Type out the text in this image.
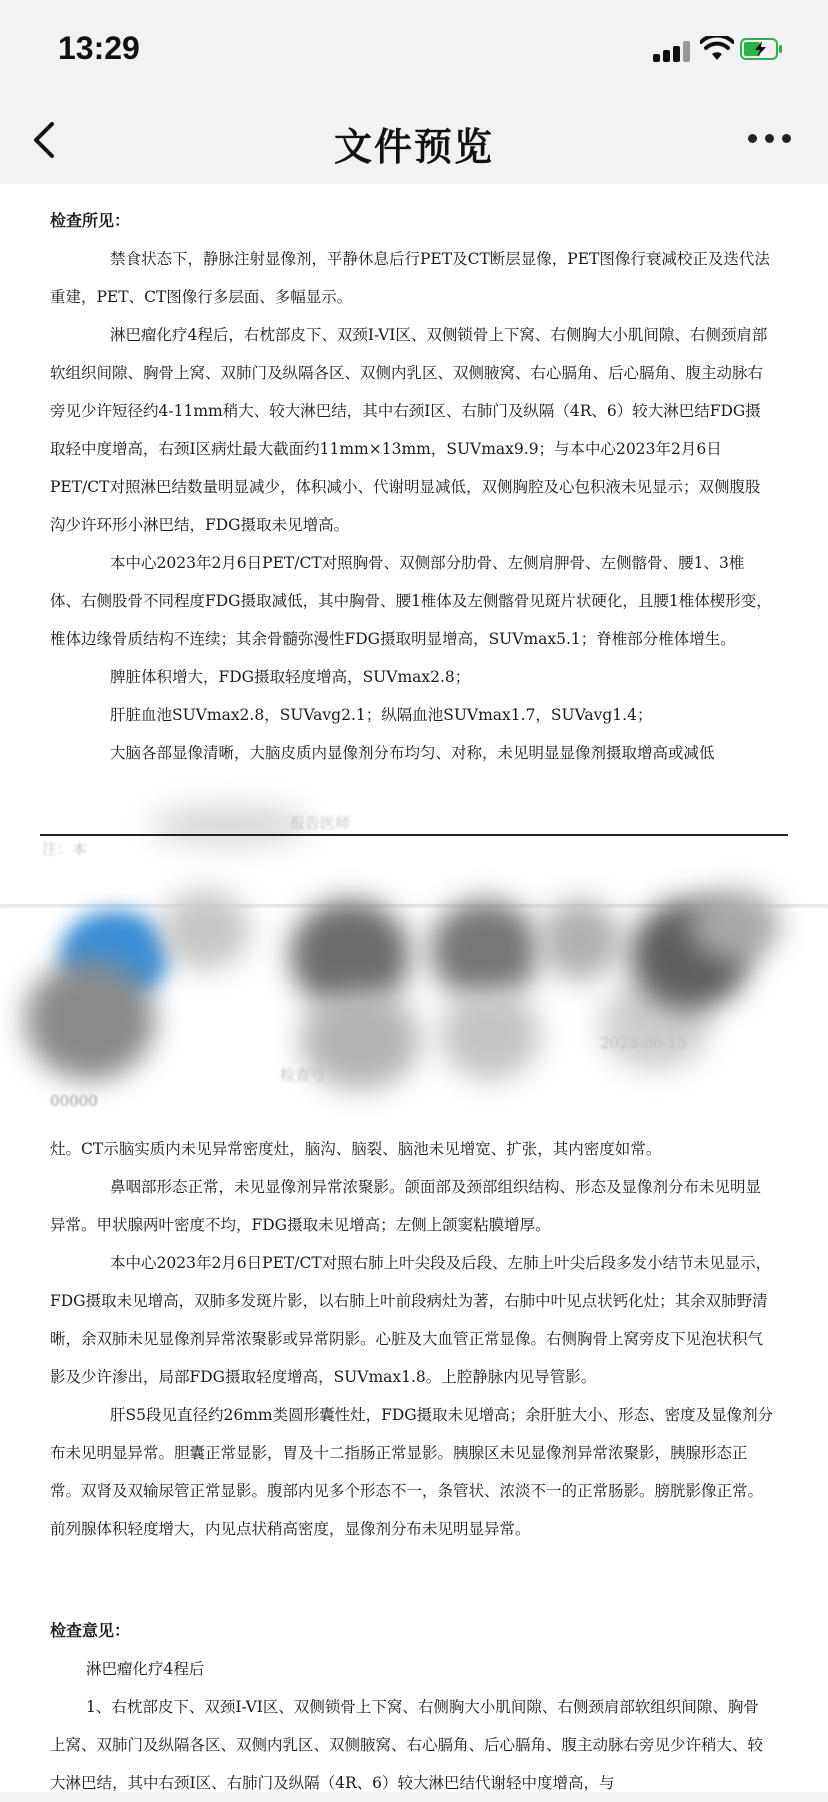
13:29
文件预览

检查所见：

禁食状态下，静脉注射显像剂，平静休息后行PET及CT断层显像，PET图像行衰减校正及迭代法重建，PET、CT图像行多层面、多幅显示。

淋巴瘤化疗4程后，右枕部皮下、双颈I-VI区、双侧锁骨上下窝、右侧胸大小肌间隙、右侧颈肩部软组织间隙、胸骨上窝、双肺门及纵隔各区、双侧内乳区、双侧腋窝、右心膈角、后心膈角、腹主动脉右旁见少许短径约4-11mm稍大、较大淋巴结，其中右颈I区、右肺门及纵隔（4R、6）较大淋巴结FDG摄取轻中度增高，右颈I区病灶最大截面约11mm×13mm，SUVmax9.9；与本中心2023年2月6日PET/CT对照淋巴结数量明显减少，体积减小、代谢明显减低，双侧胸腔及心包积液未见显示；双侧腹股沟少许环形小淋巴结，FDG摄取未见增高。

本中心2023年2月6日PET/CT对照胸骨、双侧部分肋骨、左侧肩胛骨、左侧髂骨、腰1、3椎体、右侧股骨不同程度FDG摄取减低，其中胸骨、腰1椎体及左侧髂骨见斑片状硬化，且腰1椎体楔形变，椎体边缘骨质结构不连续；其余骨髓弥漫性FDG摄取明显增高，SUVmax5.1；脊椎部分椎体增生。

脾脏体积增大，FDG摄取轻度增高，SUVmax2.8；

肝脏血池SUVmax2.8，SUVavg2.1；纵隔血池SUVmax1.7，SUVavg1.4；

大脑各部显像清晰，大脑皮质内显像剂分布均匀、对称，未见明显显像剂摄取增高或减低

报告医师
注：本
2023-06-15
检查号
00000

灶。CT示脑实质内未见异常密度灶，脑沟、脑裂、脑池未见增宽、扩张，其内密度如常。

鼻咽部形态正常，未见显像剂异常浓聚影。颌面部及颈部组织结构、形态及显像剂分布未见明显异常。甲状腺两叶密度不均，FDG摄取未见增高；左侧上颌窦粘膜增厚。

本中心2023年2月6日PET/CT对照右肺上叶尖段及后段、左肺上叶尖后段多发小结节未见显示，FDG摄取未见增高，双肺多发斑片影，以右肺上叶前段病灶为著，右肺中叶见点状钙化灶；其余双肺野清晰，余双肺未见显像剂异常浓聚影或异常阴影。心脏及大血管正常显像。右侧胸骨上窝旁皮下见泡状积气影及少许渗出，局部FDG摄取轻度增高，SUVmax1.8。上腔静脉内见导管影。

肝S5段见直径约26mm类圆形囊性灶，FDG摄取未见增高；余肝脏大小、形态、密度及显像剂分布未见明显异常。胆囊正常显影，胃及十二指肠正常显影。胰腺区未见显像剂异常浓聚影，胰腺形态正常。双肾及双输尿管正常显影。腹部内见多个形态不一，条管状、浓淡不一的正常肠影。膀胱影像正常。前列腺体积轻度增大，内见点状稍高密度，显像剂分布未见明显异常。

检查意见：

淋巴瘤化疗4程后

1、右枕部皮下、双颈I-VI区、双侧锁骨上下窝、右侧胸大小肌间隙、右侧颈肩部软组织间隙、胸骨上窝、双肺门及纵隔各区、双侧内乳区、双侧腋窝、右心膈角、后心膈角、腹主动脉右旁见少许稍大、较大淋巴结，其中右颈I区、右肺门及纵隔（4R、6）较大淋巴结代谢轻中度增高，与
